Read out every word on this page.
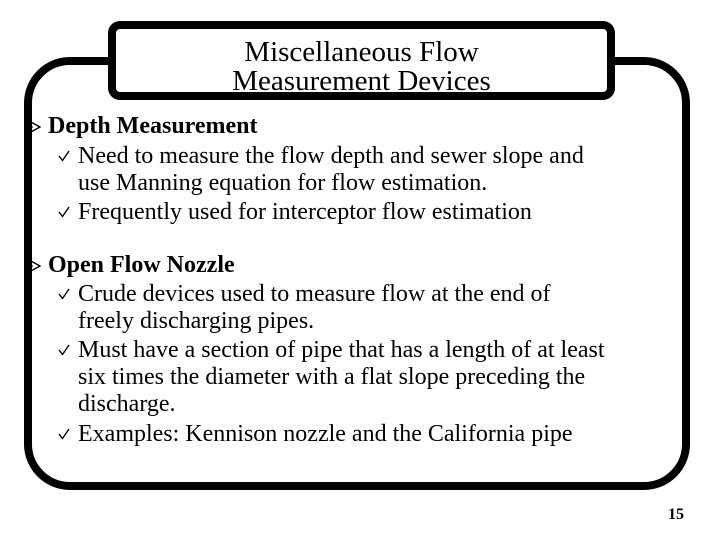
Miscellaneous Flow
Measurement Devices
Depth Measurement
Need to measure the flow depth and sewer slope and
use Manning equation for flow estimation.
Frequently used for interceptor flow estimation
Open Flow Nozzle
Crude devices used to measure flow at the end of
freely discharging pipes.
Must have a section of pipe that has a length of at least
six times the diameter with a flat slope preceding the
discharge.
Examples: Kennison nozzle and the California pipe
15
